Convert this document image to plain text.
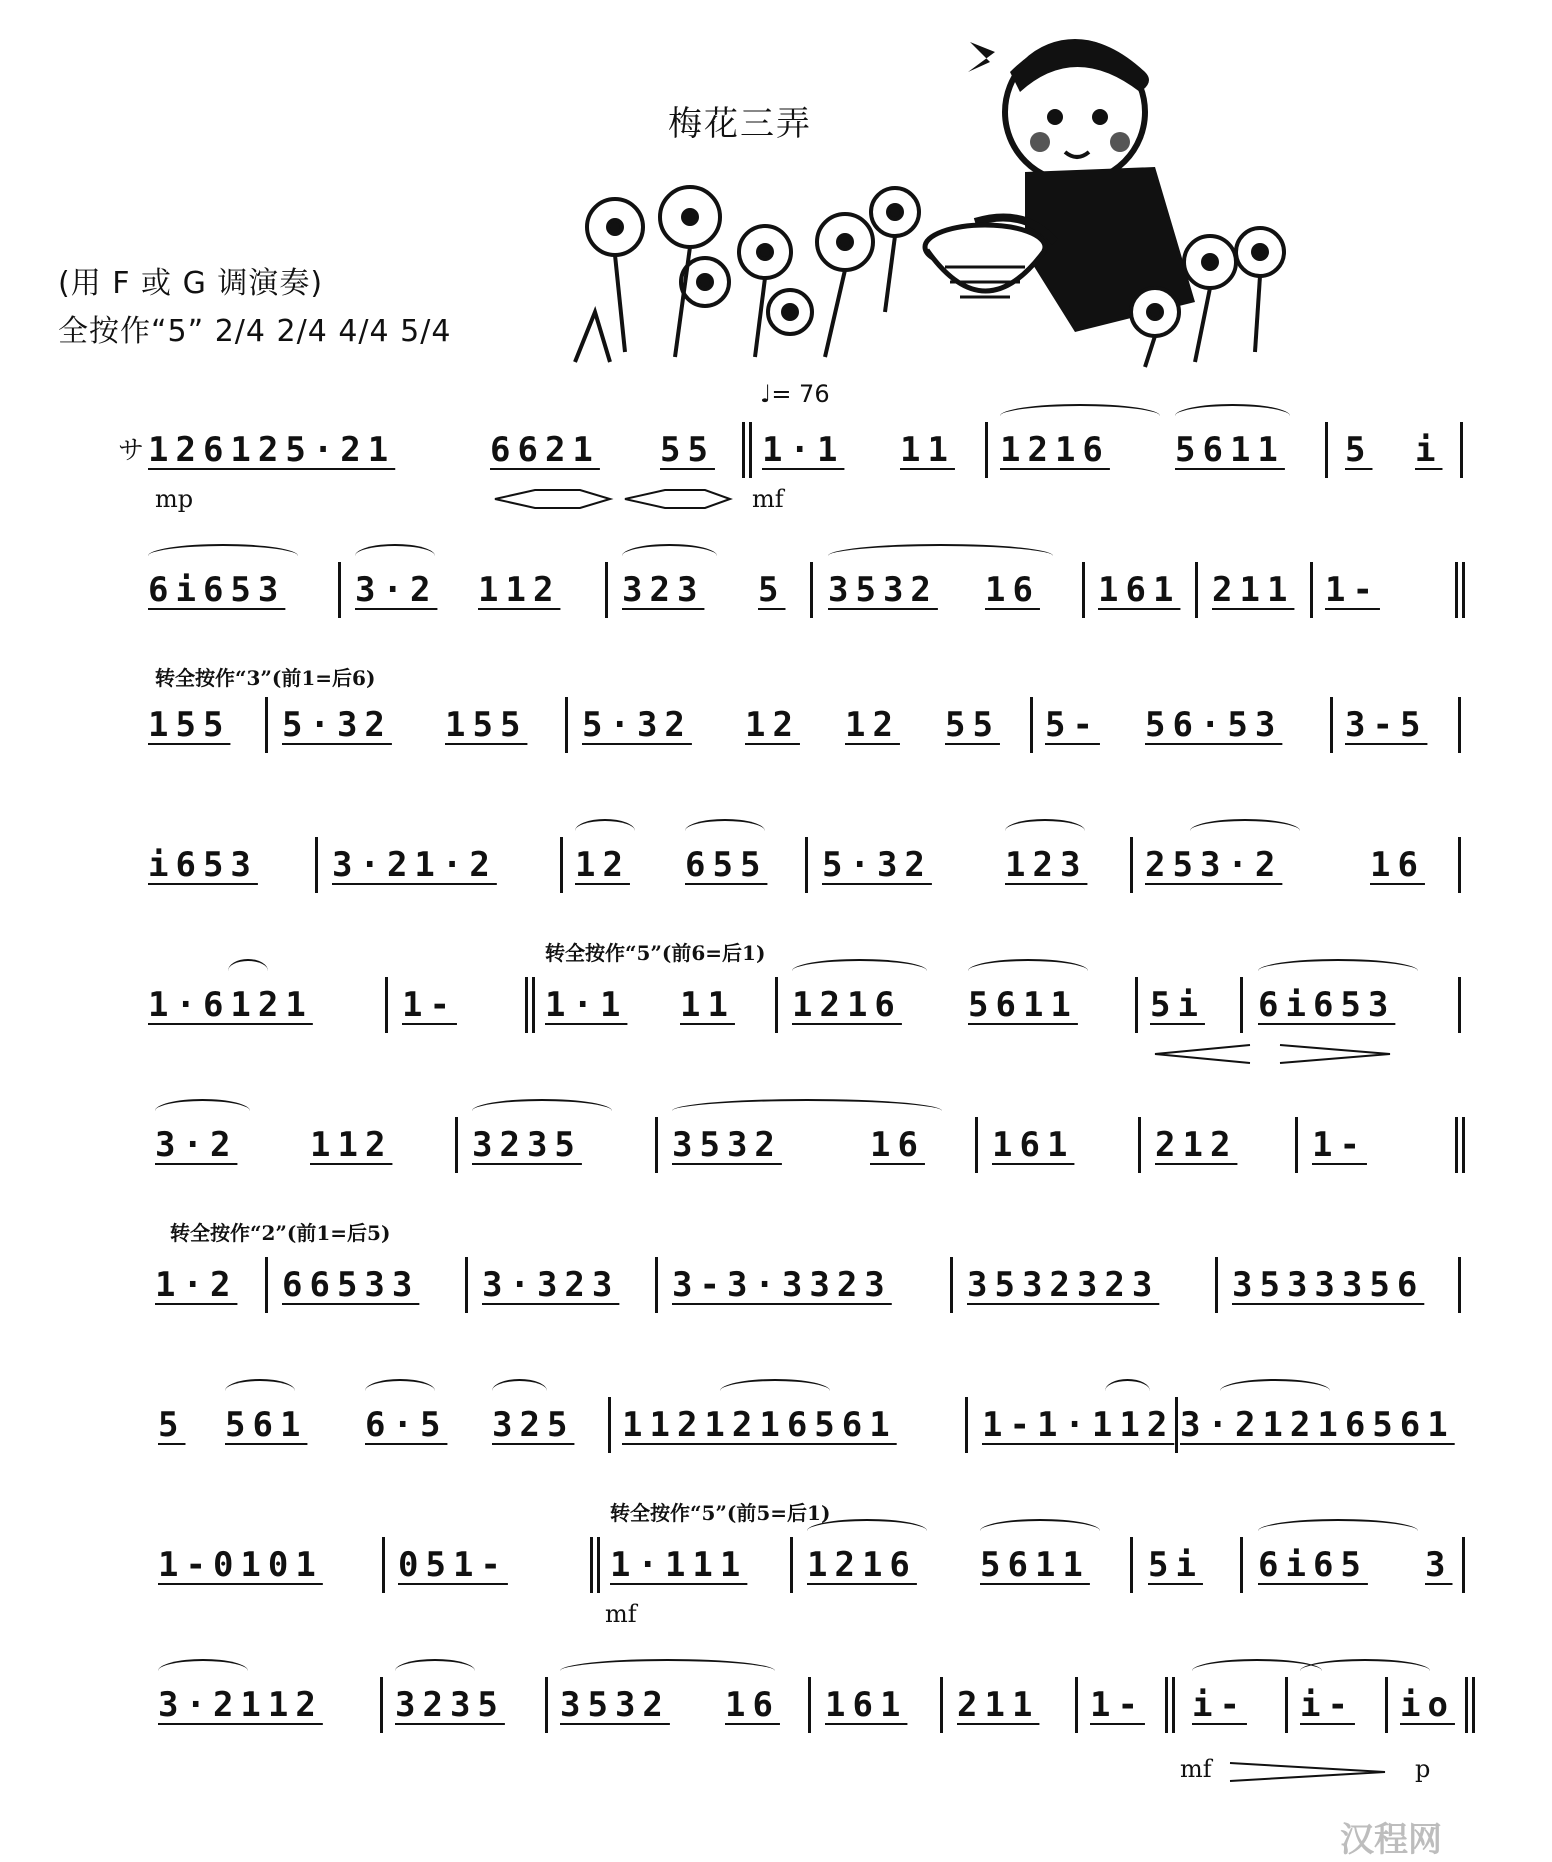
梅花三弄
(用 F 或 G 调演奏)
全按作“5” 2/4 2/4 4/4 5/4
♩= 76
サ 126125·21	6621 55 1·1 11 1216 5611 5 i
mp	mf
6i653 3·2 112 323 5 3532 16 161 211 1-
转全按作“3”(前1=后6)
155 5·32 155 5·32 12 12 55 5- 56·53 3-5
i653 3·21·2 12 655 5·32 123 253·2	16
转全按作“5”(前6=后1)
1·6121	1-	1·1 11 1216 5611 5i 6i653
3·2 112 3235	3532	16 161 212 1-
转全按作“2”(前1=后5)
1·2 66533 3·323 3-3·3323 3532323 3533356
5 561 6·5 325 1121216561	1-1·112 3·21216561
转全按作“5”(前5=后1)
1-0101 051-	1·111 1216 5611 5i 6i65 3
mf
3·2112 3235 3532 16 161 211 1- i- i- io
mf	p
汉程网
